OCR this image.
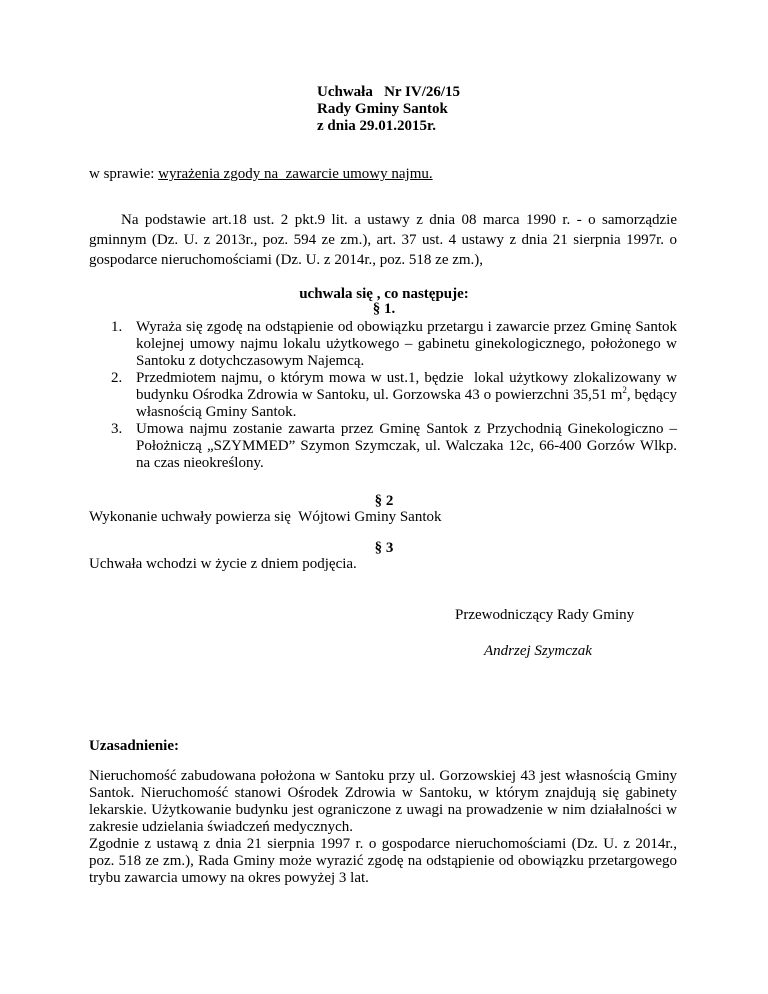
Uchwała   Nr IV/26/15
Rady Gminy Santok
z dnia 29.01.2015r.
w sprawie: wyrażenia zgody na  zawarcie umowy najmu.

Na podstawie art.18 ust. 2 pkt.9 lit. a ustawy z dnia 08 marca 1990 r. - o samorządzie gminnym (Dz. U. z 2013r., poz. 594 ze zm.), art. 37 ust. 4 ustawy z dnia 21 sierpnia 1997r. o gospodarce nieruchomościami (Dz. U. z 2014r., poz. 518 ze zm.),

uchwala się , co następuje:
§ 1.
1. Wyraża się zgodę na odstąpienie od obowiązku przetargu i zawarcie przez Gminę Santok kolejnej umowy najmu lokalu użytkowego – gabinetu ginekologicznego, położonego w Santoku z dotychczasowym Najemcą.
2. Przedmiotem najmu, o którym mowa w ust.1, będzie  lokal użytkowy zlokalizowany w budynku Ośrodka Zdrowia w Santoku, ul. Gorzowska 43 o powierzchni 35,51 $m^2$, będący własnością Gminy Santok.
3. Umowa najmu zostanie zawarta przez Gminę Santok z Przychodnią Ginekologiczno – Położniczą „SZYMMED” Szymon Szymczak, ul. Walczaka 12c, 66-400 Gorzów Wlkp. na czas nieokreślony.
§ 2
Wykonanie uchwały powierza się  Wójtowi Gminy Santok
§ 3
Uchwała wchodzi w życie z dniem podjęcia.
Przewodniczący Rady Gminy
Andrzej Szymczak
Uzasadnienie:

Nieruchomość zabudowana położona w Santoku przy ul. Gorzowskiej 43 jest własnością Gminy Santok. Nieruchomość stanowi Ośrodek Zdrowia w Santoku, w którym znajdują się gabinety lekarskie. Użytkowanie budynku jest ograniczone z uwagi na prowadzenie w nim działalności w zakresie udzielania świadczeń medycznych.

Zgodnie z ustawą z dnia 21 sierpnia 1997 r. o gospodarce nieruchomościami (Dz. U. z 2014r., poz. 518 ze zm.), Rada Gminy może wyrazić zgodę na odstąpienie od obowiązku przetargowego trybu zawarcia umowy na okres powyżej 3 lat.
